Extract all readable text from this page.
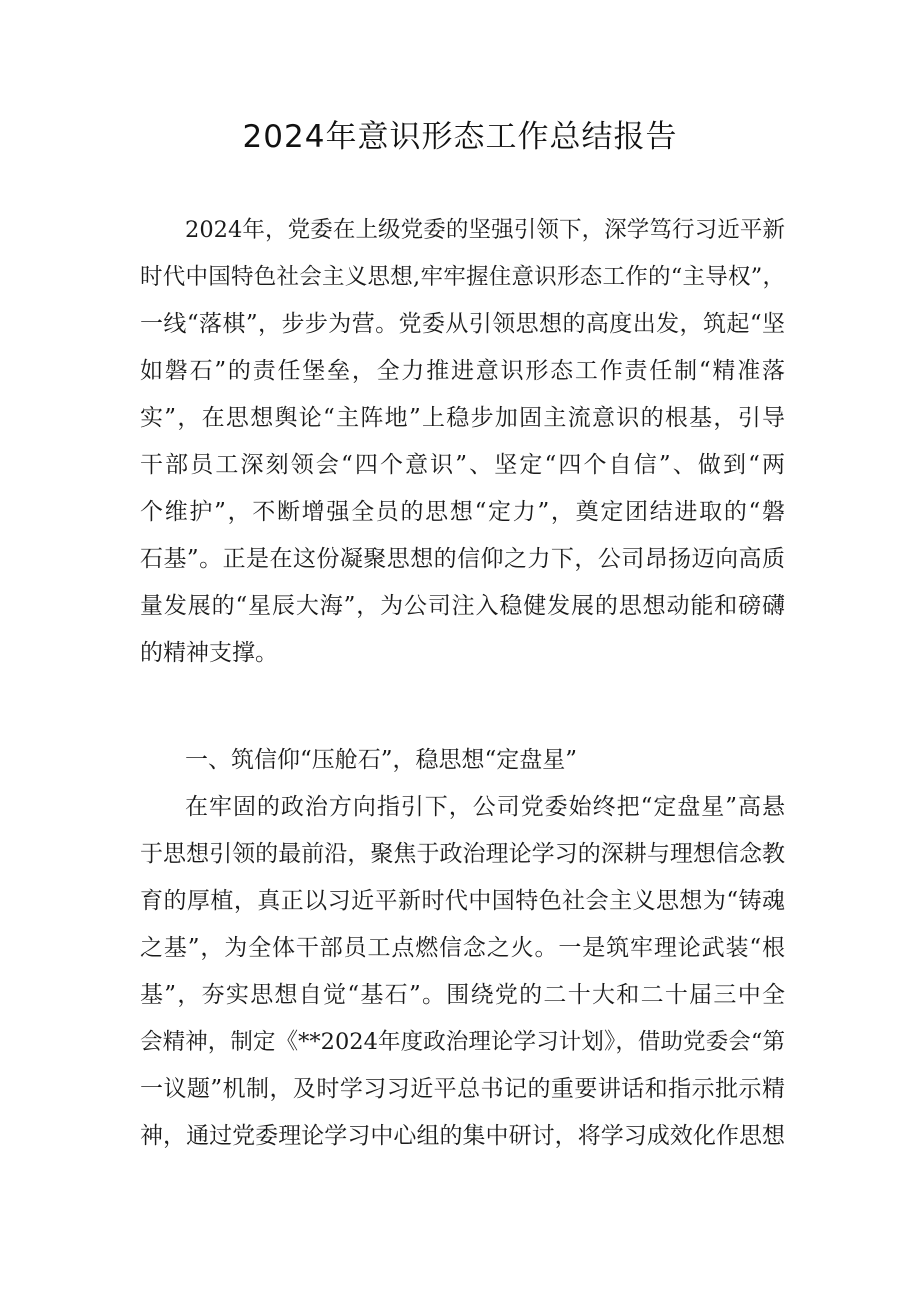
2024年意识形态工作总结报告
2024年，党委在上级党委的坚强引领下，深学笃行习近平新
时代中国特色社会主义思想,牢牢握住意识形态工作的“主导权”，
一线“落棋”，步步为营。党委从引领思想的高度出发，筑起“坚
如磐石”的责任堡垒，全力推进意识形态工作责任制“精准落
实”，在思想舆论“主阵地”上稳步加固主流意识的根基，引导
干部员工深刻领会“四个意识”、坚定“四个自信”、做到“两
个维护”，不断增强全员的思想“定力”，奠定团结进取的“磐
石基”。正是在这份凝聚思想的信仰之力下，公司昂扬迈向高质
量发展的“星辰大海”，为公司注入稳健发展的思想动能和磅礴
的精神支撑。
一、筑信仰“压舱石”，稳思想“定盘星”
在牢固的政治方向指引下，公司党委始终把“定盘星”高悬
于思想引领的最前沿，聚焦于政治理论学习的深耕与理想信念教
育的厚植，真正以习近平新时代中国特色社会主义思想为“铸魂
之基”，为全体干部员工点燃信念之火。一是筑牢理论武装“根
基”，夯实思想自觉“基石”。围绕党的二十大和二十届三中全
会精神，制定《**2024年度政治理论学习计划》，借助党委会“第
一议题”机制，及时学习习近平总书记的重要讲话和指示批示精
神，通过党委理论学习中心组的集中研讨，将学习成效化作思想
